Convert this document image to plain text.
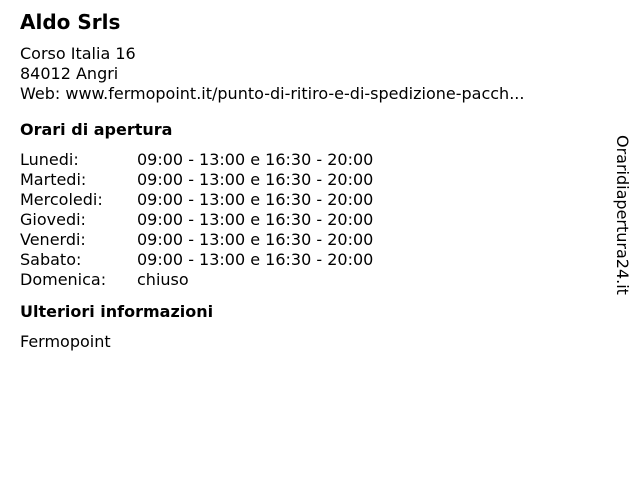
Aldo Srls
Corso Italia 16
84012 Angri
Web: www.fermopoint.it/punto-di-ritiro-e-di-spedizione-pacch...
Orari di apertura
Lunedi:	09:00 - 13:00 e 16:30 - 20:00
Martedi:	09:00 - 13:00 e 16:30 - 20:00
Mercoledi:	09:00 - 13:00 e 16:30 - 20:00
Giovedi:	09:00 - 13:00 e 16:30 - 20:00
Venerdi:	09:00 - 13:00 e 16:30 - 20:00
Sabato:	09:00 - 13:00 e 16:30 - 20:00
Domenica:	chiuso
Ulteriori informazioni
Fermopoint
Oraridiapertura24.it
